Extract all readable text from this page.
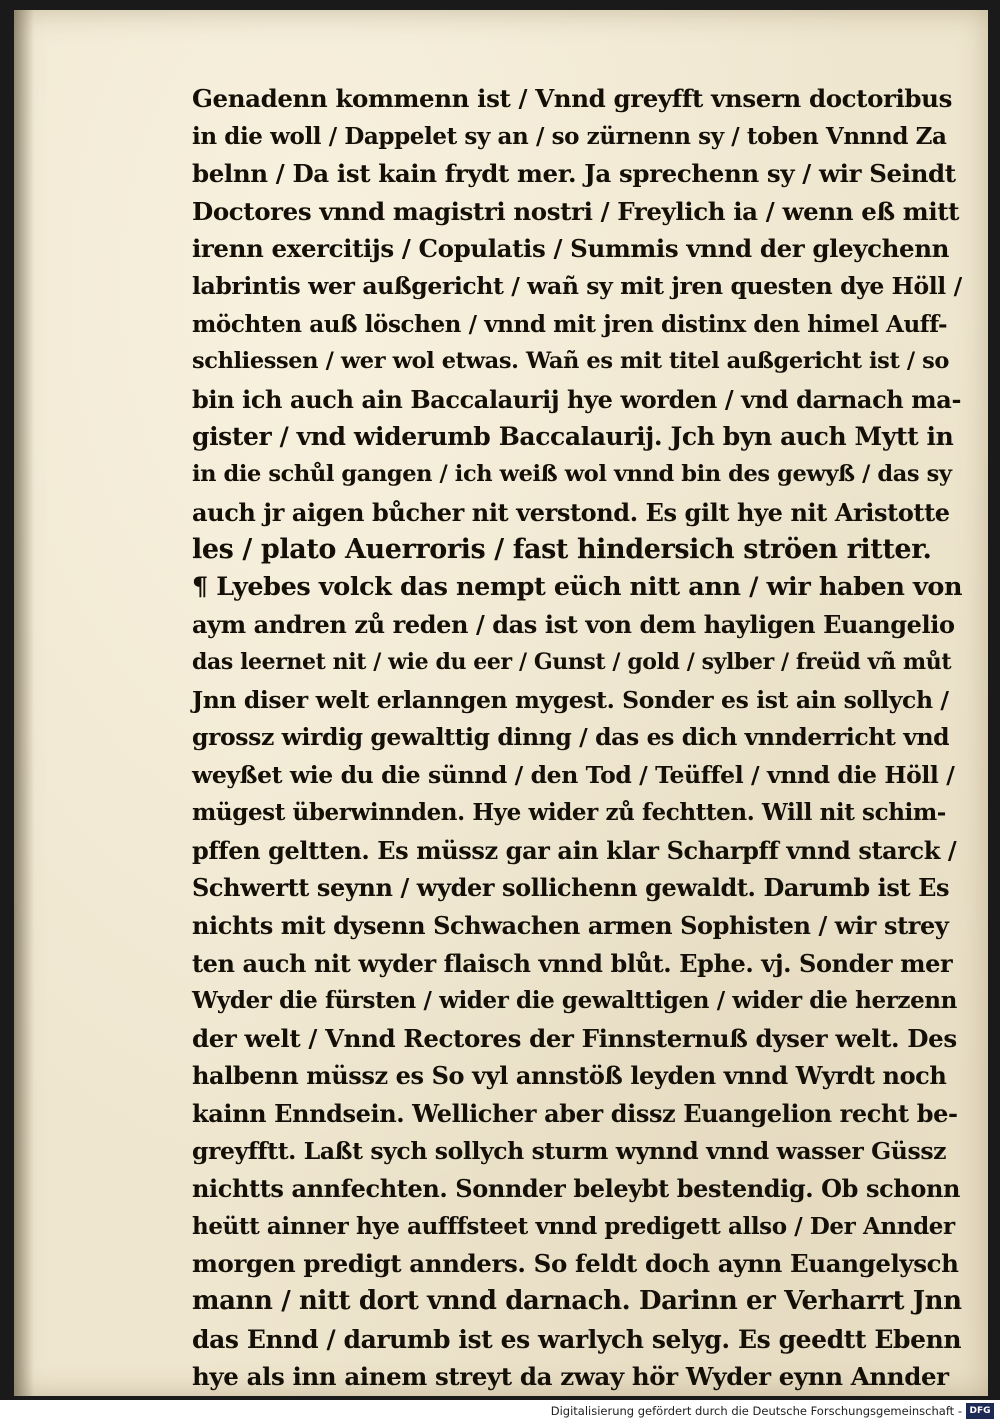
Genadenn kommenn ist / Vnnd greyfft vnsern doctoribus
in die woll / Dappelet sy an / so zürnenn sy / toben Vnnnd Za
belnn / Da ist kain frydt mer. Ja sprechenn sy / wir Seindt
Doctores vnnd magistri nostri / Freylich ia / wenn eß mitt
irenn exercitijs / Copulatis / Summis vnnd der gleychenn
labrintis wer außgericht / wañ sy mit jren questen dye Höll /
möchten auß löschen / vnnd mit jren distinx den himel Auff-
schliessen / wer wol etwas. Wañ es mit titel außgericht ist / so
bin ich auch ain Baccalaurij hye worden / vnd darnach ma-
gister / vnd widerumb Baccalaurij. Jch byn auch Mytt in
in die schůl gangen / ich weiß wol vnnd bin des gewyß / das sy
auch jr aigen bůcher nit verstond. Es gilt hye nit Aristotte
les / plato Auerroris / fast hindersich ströen ritter.
¶ Lyebes volck das nempt eüch nitt ann / wir haben von
aym andren zů reden / das ist von dem hayligen Euangelio
das leernet nit / wie du eer / Gunst / gold / sylber / freüd vñ můt
Jnn diser welt erlanngen mygest. Sonder es ist ain sollych /
grossz wirdig gewalttig dinng / das es dich vnnderricht vnd
weyßet wie du die sünnd / den Tod / Teüffel / vnnd die Höll /
mügest überwinnden. Hye wider zů fechtten. Will nit schim-
pffen geltten. Es müssz gar ain klar Scharpff vnnd starck /
Schwertt seynn / wyder sollichenn gewaldt. Darumb ist Es
nichts mit dysenn Schwachen armen Sophisten / wir strey
ten auch nit wyder flaisch vnnd blůt. Ephe. vj. Sonder mer
Wyder die fürsten / wider die gewalttigen / wider die herzenn
der welt / Vnnd Rectores der Finnsternuß dyser welt. Des
halbenn müssz es So vyl annstöß leyden vnnd Wyrdt noch
kainn Enndsein. Wellicher aber dissz Euangelion recht be-
greyfftt. Laßt sych sollych sturm wynnd vnnd wasser Güssz
nichtts annfechten. Sonnder beleybt bestendig. Ob schonn
heütt ainner hye aufffsteet vnnd predigett allso / Der Annder
morgen predigt annders. So feldt doch aynn Euangelysch
mann / nitt dort vnnd darnach. Darinn er Verharrt Jnn
das Ennd / darumb ist es warlych selyg. Es geedtt Ebenn
hye als inn ainem streyt da zway hör Wyder eynn Annder
Digitalisierung gefördert durch die Deutsche Forschungsgemeinschaft - DFG
